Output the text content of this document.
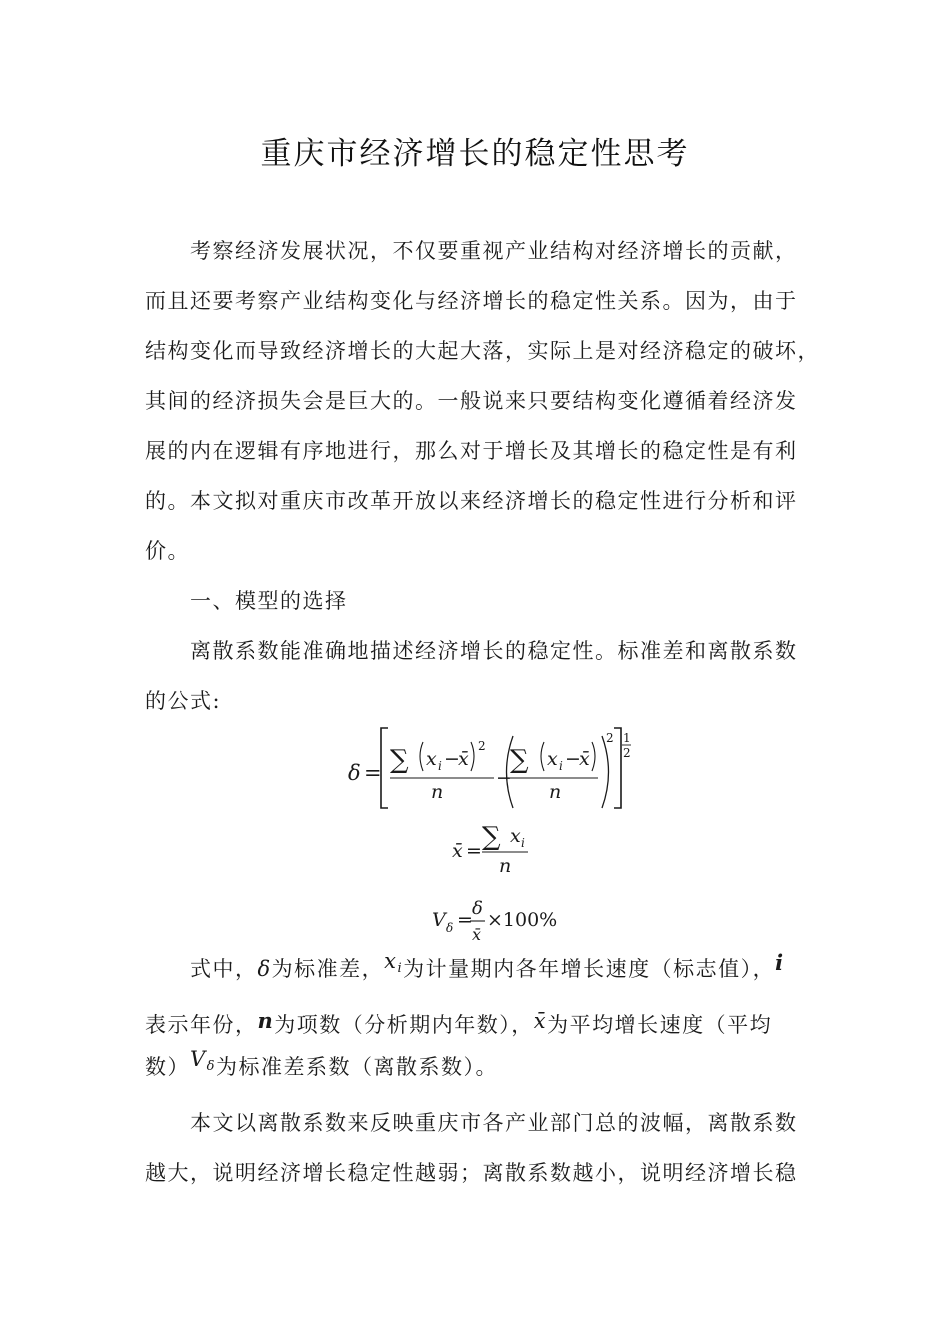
重庆市经济增长的稳定性思考

考察经济发展状况，不仅要重视产业结构对经济增长的贡献，

而且还要考察产业结构变化与经济增长的稳定性关系。因为，由于

结构变化而导致经济增长的大起大落，实际上是对经济稳定的破坏，

其间的经济损失会是巨大的。一般说来只要结构变化遵循着经济发

展的内在逻辑有序地进行，那么对于增长及其增长的稳定性是有利

的。本文拟对重庆市改革开放以来经济增长的稳定性进行分析和评

价。

一、模型的选择

离散系数能准确地描述经济增长的稳定性。标准差和离散系数

的公式:

δ = ∑ x i −
x̄
2
n
−
∑ x i −
x̄
n
2 1
2
x̄ = ∑ x i
n
V δ =
δ
x̄
×100%

式中，δ为标准差，xi为计量期内各年增长速度（标志值），i

表示年份，n为项数（分析期内年数），x̄为平均增长速度（平均

数）Vδ为标准差系数（离散系数）。

本文以离散系数来反映重庆市各产业部门总的波幅，离散系数

越大，说明经济增长稳定性越弱；离散系数越小，说明经济增长稳
